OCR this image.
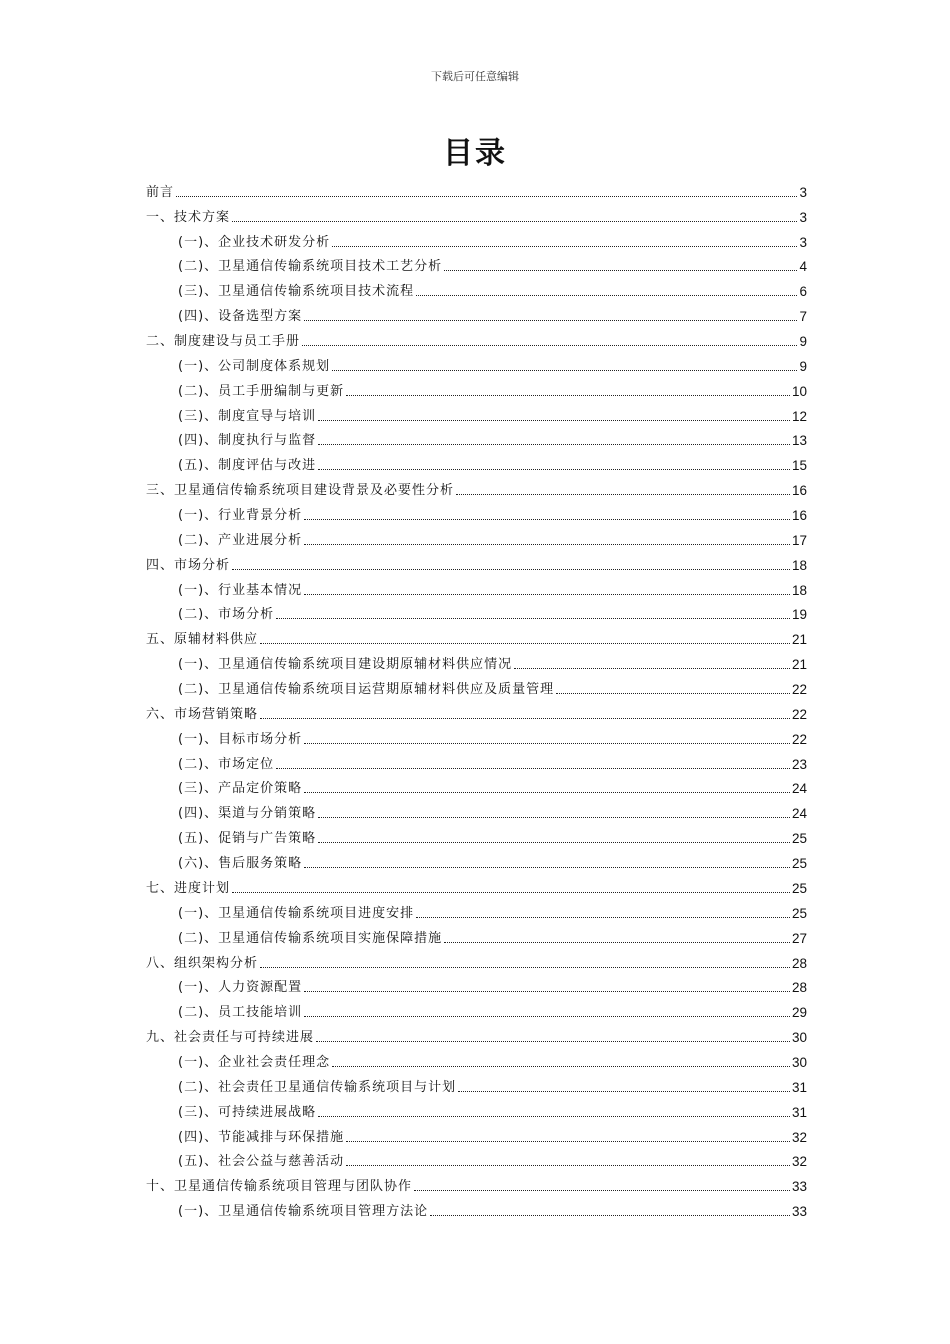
下载后可任意编辑
目录
前言	3
一、技术方案	3
(一)、企业技术研发分析	3
(二)、卫星通信传输系统项目技术工艺分析	4
(三)、卫星通信传输系统项目技术流程	6
(四)、设备选型方案	7
二、制度建设与员工手册	9
(一)、公司制度体系规划	9
(二)、员工手册编制与更新	10
(三)、制度宣导与培训	12
(四)、制度执行与监督	13
(五)、制度评估与改进	15
三、卫星通信传输系统项目建设背景及必要性分析	16
(一)、行业背景分析	16
(二)、产业进展分析	17
四、市场分析	18
(一)、行业基本情况	18
(二)、市场分析	19
五、原辅材料供应	21
(一)、卫星通信传输系统项目建设期原辅材料供应情况	21
(二)、卫星通信传输系统项目运营期原辅材料供应及质量管理	22
六、市场营销策略	22
(一)、目标市场分析	22
(二)、市场定位	23
(三)、产品定价策略	24
(四)、渠道与分销策略	24
(五)、促销与广告策略	25
(六)、售后服务策略	25
七、进度计划	25
(一)、卫星通信传输系统项目进度安排	25
(二)、卫星通信传输系统项目实施保障措施	27
八、组织架构分析	28
(一)、人力资源配置	28
(二)、员工技能培训	29
九、社会责任与可持续进展	30
(一)、企业社会责任理念	30
(二)、社会责任卫星通信传输系统项目与计划	31
(三)、可持续进展战略	31
(四)、节能减排与环保措施	32
(五)、社会公益与慈善活动	32
十、卫星通信传输系统项目管理与团队协作	33
(一)、卫星通信传输系统项目管理方法论	33
